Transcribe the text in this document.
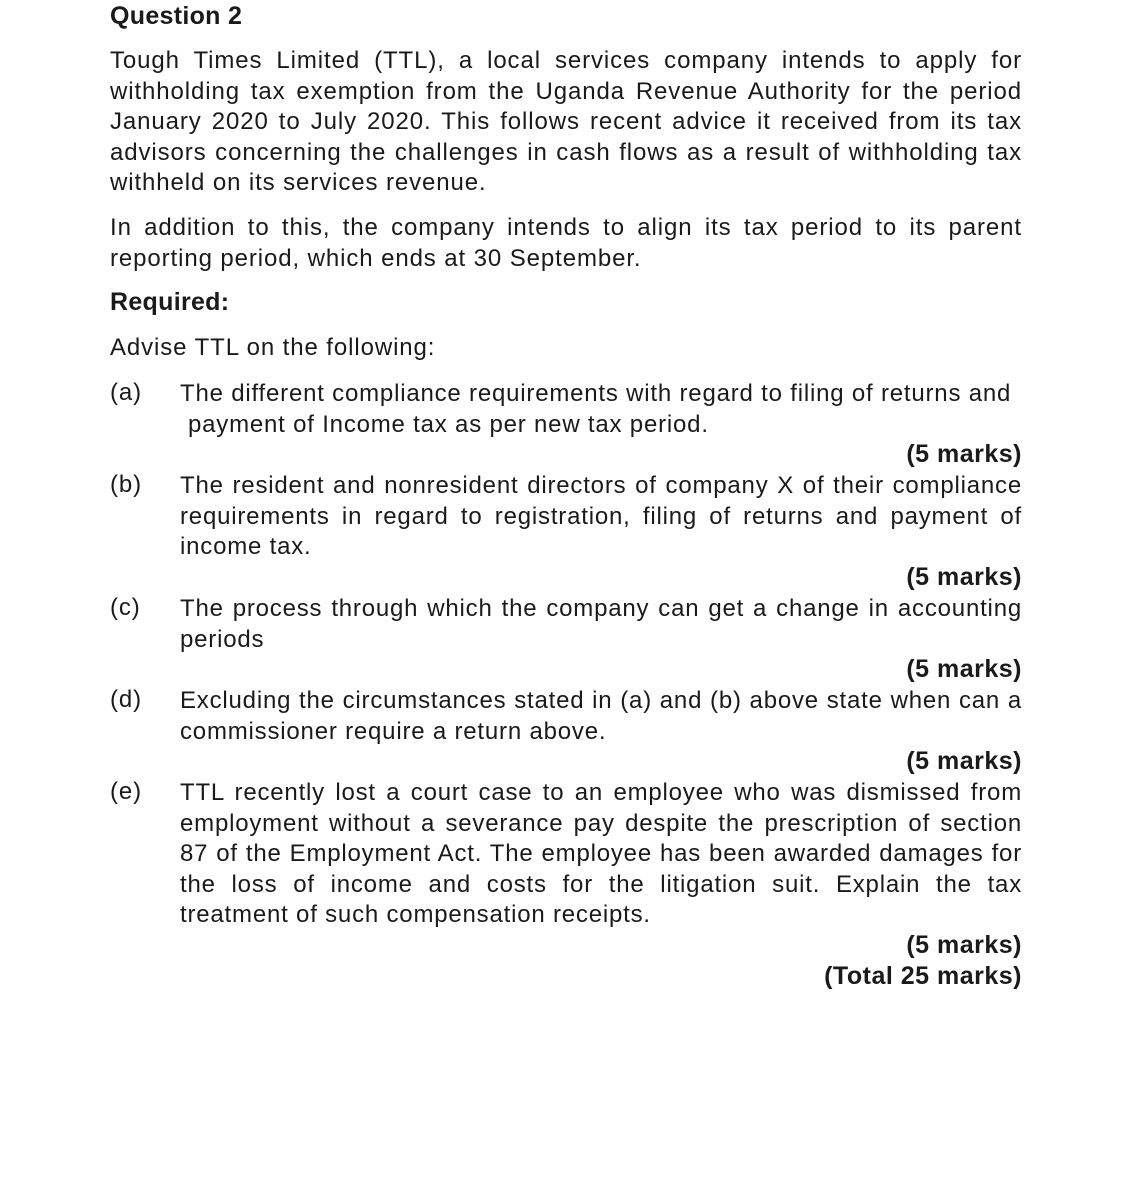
Question 2
Tough Times Limited (TTL), a local services company intends to apply for withholding tax exemption from the Uganda Revenue Authority for the period January 2020 to July 2020. This follows recent advice it received from its tax advisors concerning the challenges in cash flows as a result of withholding tax withheld on its services revenue.
In addition to this, the company intends to align its tax period to its parent reporting period, which ends at 30 September.
Required:
Advise TTL on the following:
(a) The different compliance requirements with regard to filing of returns and
payment of Income tax as per new tax period.
(5 marks)
(b) The resident and nonresident directors of company X of their compliance requirements in regard to registration, filing of returns and payment of income tax.
(5 marks)
(c) The process through which the company can get a change in accounting periods
(5 marks)
(d) Excluding the circumstances stated in (a) and (b) above state when can a commissioner require a return above.
(5 marks)
(e) TTL recently lost a court case to an employee who was dismissed from employment without a severance pay despite the prescription of section 87 of the Employment Act. The employee has been awarded damages for the loss of income and costs for the litigation suit. Explain the tax treatment of such compensation receipts.
(5 marks)
(Total 25 marks)
